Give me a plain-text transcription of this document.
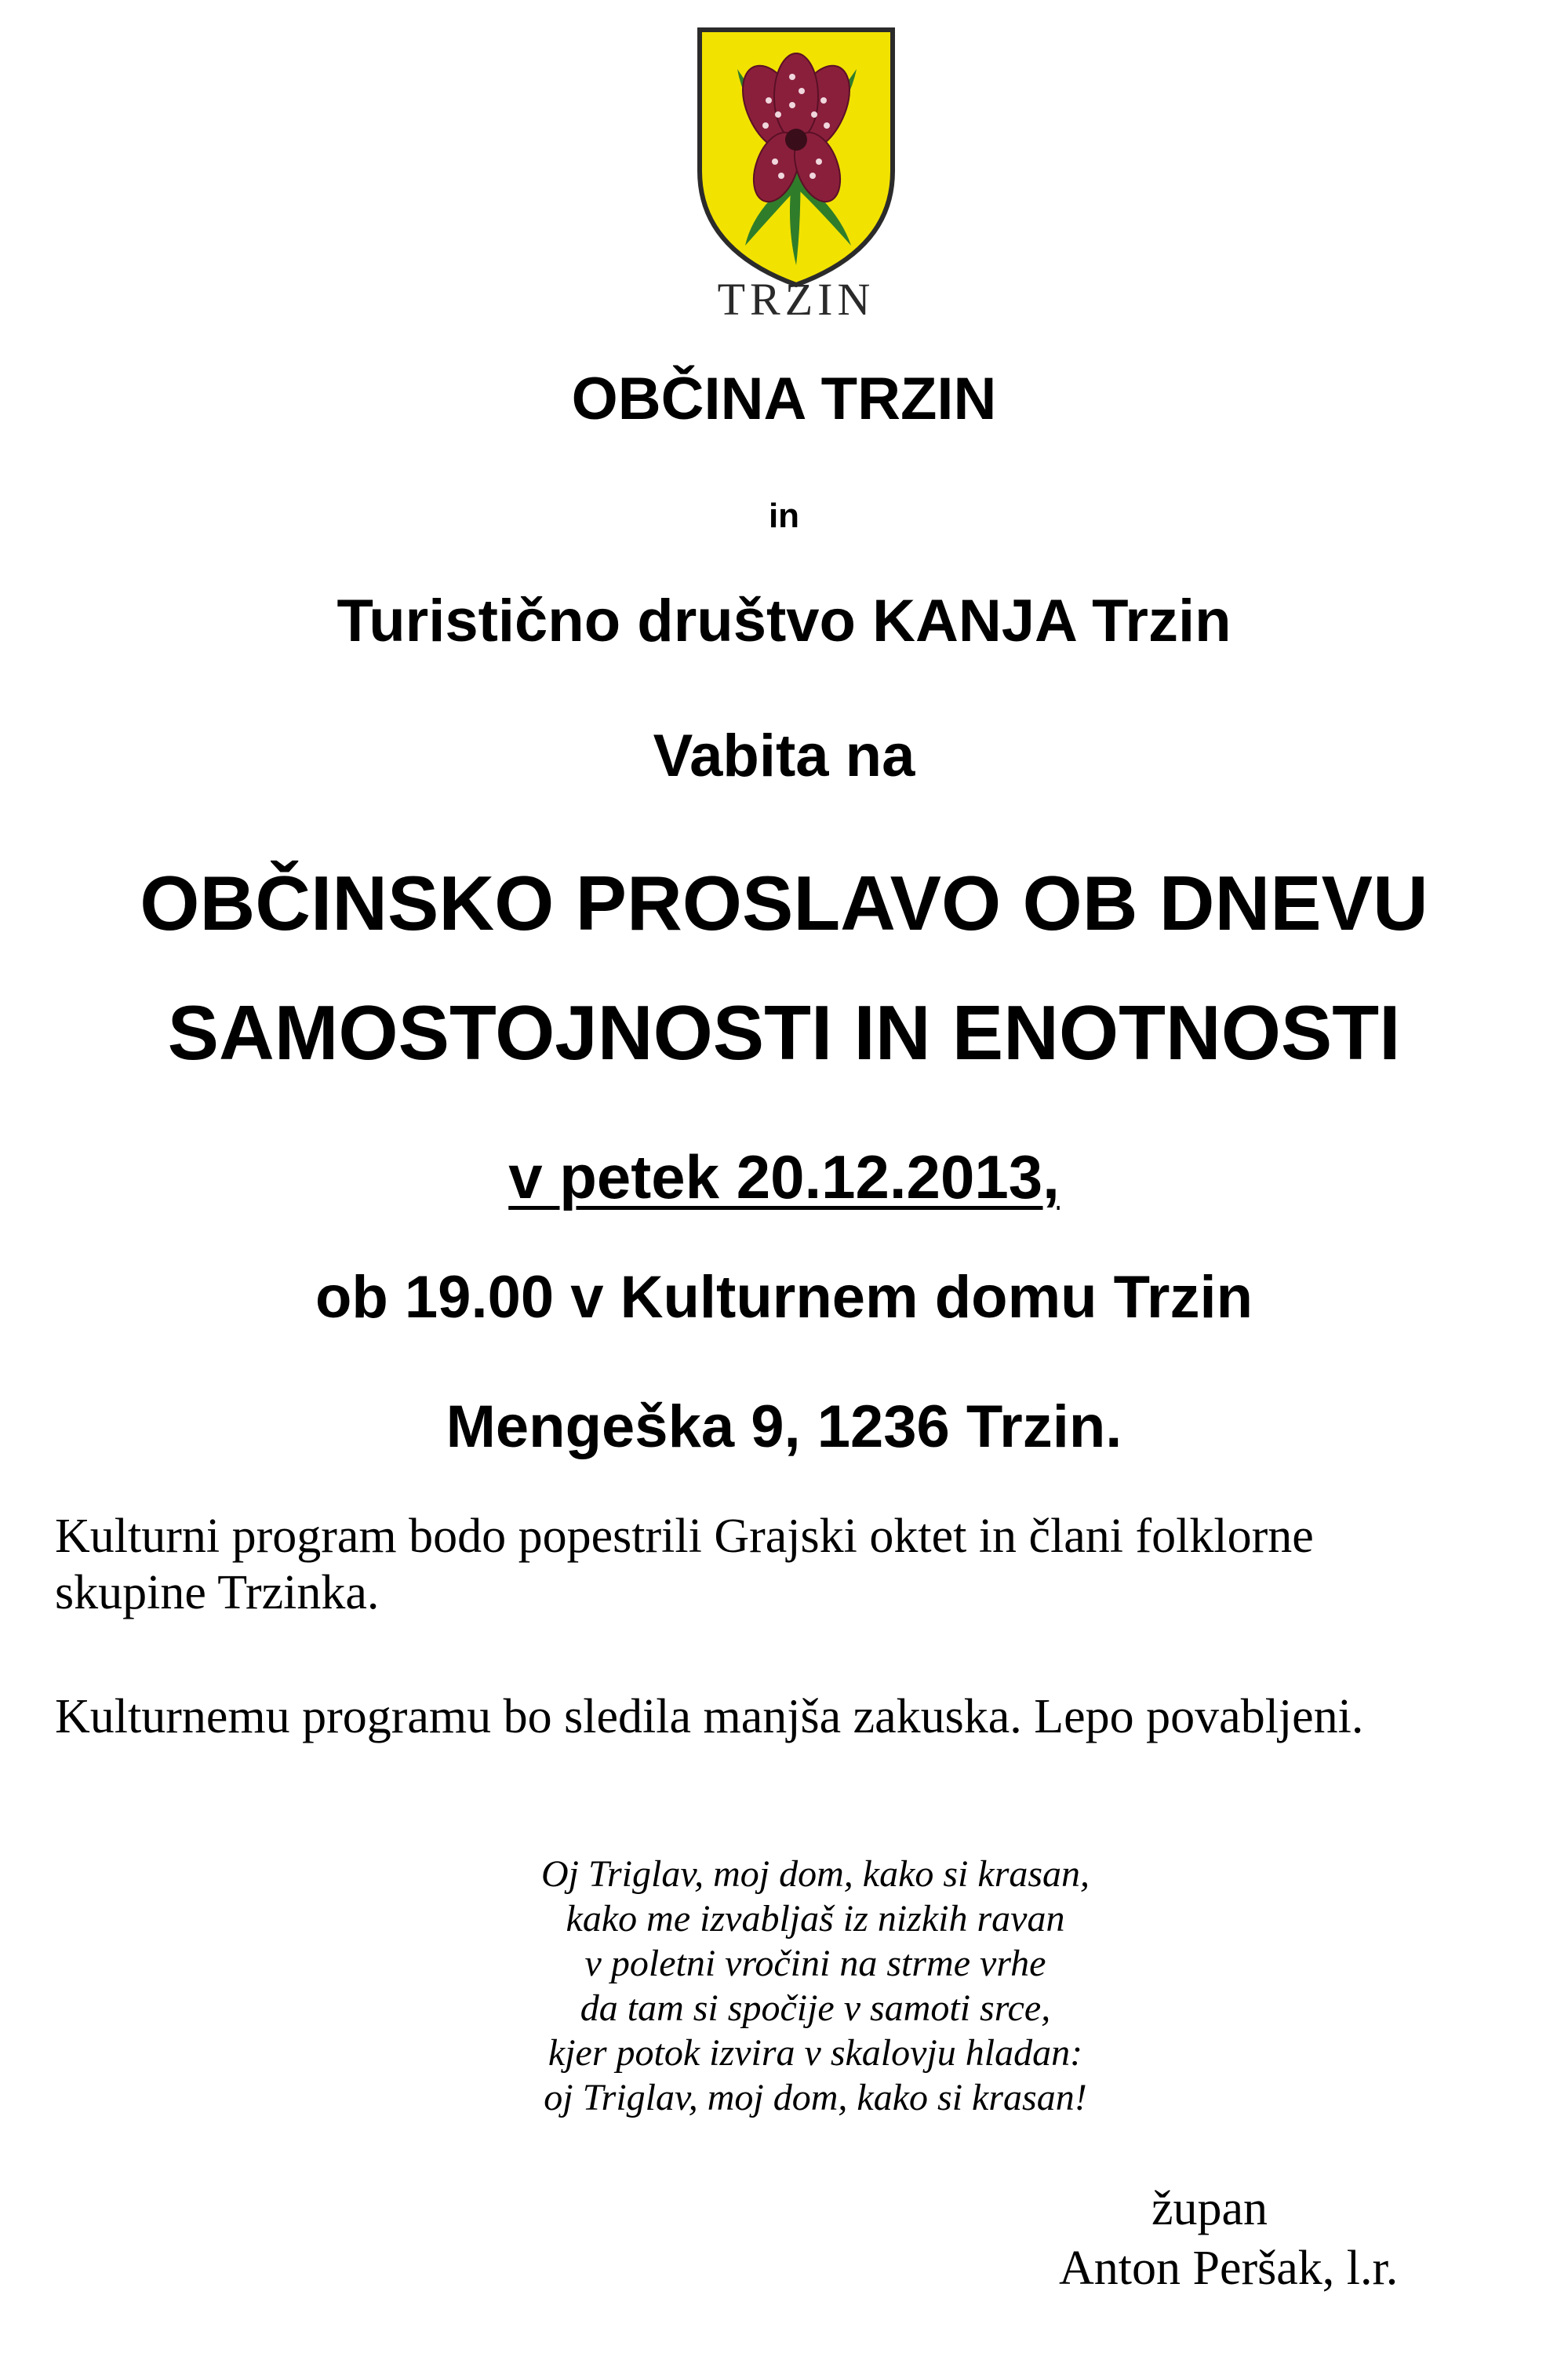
TRZIN
OBČINA TRZIN
in
Turistično društvo KANJA Trzin
Vabita na
OBČINSKO PROSLAVO OB DNEVU
SAMOSTOJNOSTI IN ENOTNOSTI
v petek 20.12.2013,
ob 19.00 v Kulturnem domu Trzin
Mengeška 9, 1236 Trzin.
Kulturni program bodo popestrili Grajski oktet in člani folklorne
skupine Trzinka.
Kulturnemu programu bo sledila manjša zakuska. Lepo povabljeni.
Oj Triglav, moj dom, kako si krasan,
kako me izvabljaš iz nizkih ravan
v poletni vročini na strme vrhe
da tam si spočije v samoti srce,
kjer potok izvira v skalovju hladan:
oj Triglav, moj dom, kako si krasan!
župan
Anton Peršak, l.r.
